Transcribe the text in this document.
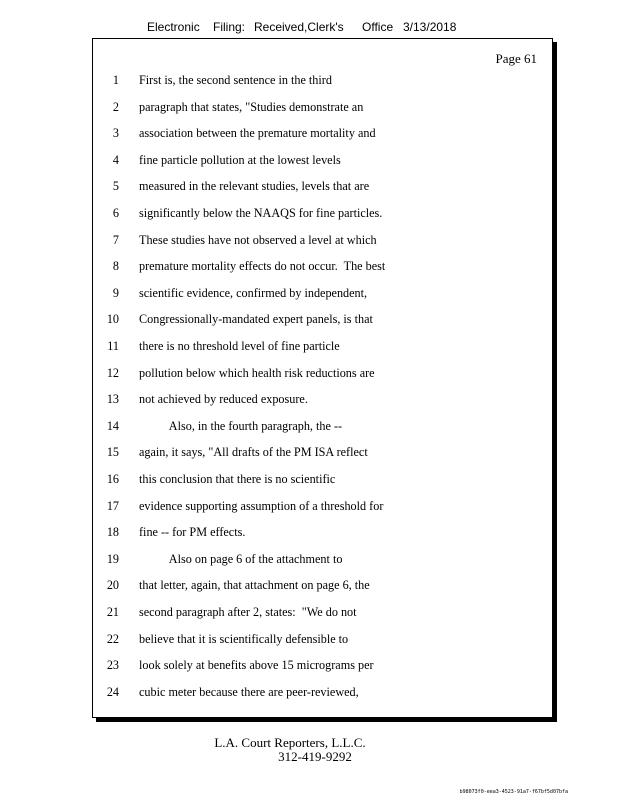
Electronic Filing: Received,Clerk's Office 3/13/2018
Page 61
1 First is, the second sentence in the third
2 paragraph that states, "Studies demonstrate an
3 association between the premature mortality and
4 fine particle pollution at the lowest levels
5 measured in the relevant studies, levels that are
6 significantly below the NAAQS for fine particles.
7 These studies have not observed a level at which
8 premature mortality effects do not occur.  The best
9 scientific evidence, confirmed by independent,
10 Congressionally-mandated expert panels, is that
11 there is no threshold level of fine particle
12 pollution below which health risk reductions are
13 not achieved by reduced exposure.
14 Also, in the fourth paragraph, the --
15 again, it says, "All drafts of the PM ISA reflect
16 this conclusion that there is no scientific
17 evidence supporting assumption of a threshold for
18 fine -- for PM effects.
19 Also on page 6 of the attachment to
20 that letter, again, that attachment on page 6, the
21 second paragraph after 2, states:  "We do not
22 believe that it is scientifically defensible to
23 look solely at benefits above 15 micrograms per
24 cubic meter because there are peer-reviewed,
L.A. Court Reporters, L.L.C.
312-419-9292
b98073f0-eea3-4523-91a7-f67bf5d07bfa
